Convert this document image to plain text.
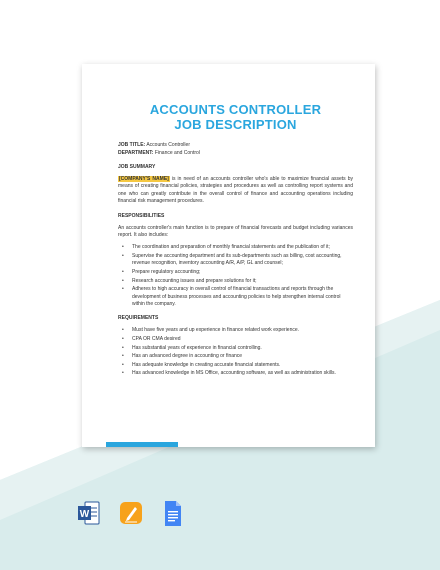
ACCOUNTS CONTROLLER
JOB DESCRIPTION
JOB TITLE: Accounts Controller
DEPARTMENT: Finance and Control
JOB SUMMARY
[COMPANY'S NAME] is in need of an accounts controller who's able to maximize financial assets by means of creating financial policies, strategies and procedures as well as controlling report systems and one who can greatly contribute in the overall control of finance and accounting operations including financial risk management procedures.
RESPONSIBILITIES
An accounts controller's main function is to prepare of financial forecasts and budget including variances report. It also includes:
• The coordination and preparation of monthly financial statements and the publication of it;
• Supervise the accounting department and its sub-departments such as billing, cost accounting, revenue recognition, inventory accounting A/R, A/P, GL and counsel;
• Prepare regulatory accounting;
• Research accounting issues and prepare solutions for it;
• Adheres to high accuracy in overall control of financial transactions and reports through the development of business processes and accounting policies to help strengthen internal control within the company.
REQUIREMENTS
• Must have five years and up experience in finance related work experience.
• CPA OR CMA desired
• Has substantial years of experience in financial controlling.
• Has an advanced degree in accounting or finance
• Has adequate knowledge in creating accurate financial statements.
• Has advanced knowledge in MS Office, accounting software, as well as administration skills.
W
